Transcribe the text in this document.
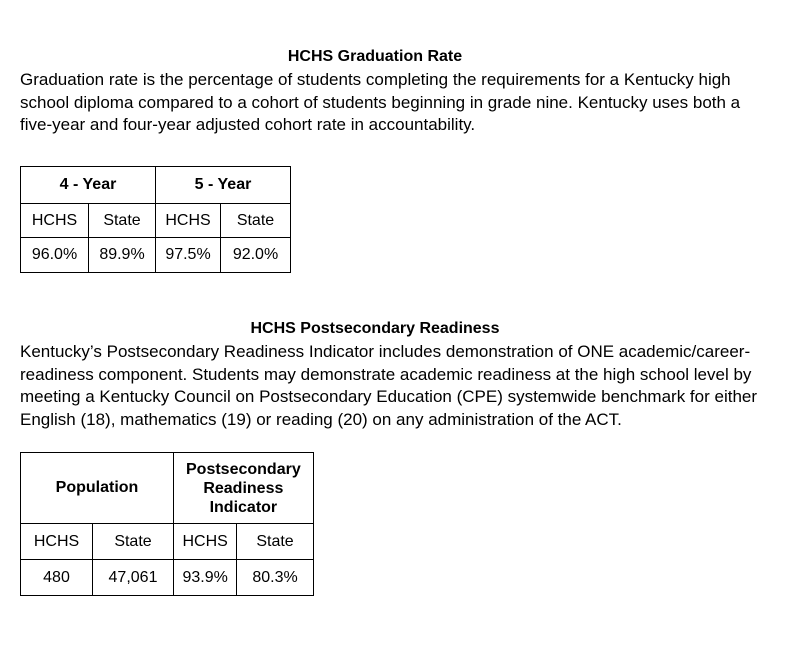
HCHS Graduation Rate

Graduation rate is the percentage of students completing the requirements for a Kentucky high school diploma compared to a cohort of students beginning in grade nine. Kentucky uses both a five-year and four-year adjusted cohort rate in accountability.

4 - Year		5 - Year	
HCHS	State	HCHS	State
96.0%	89.9%	97.5%	92.0%
HCHS Postsecondary Readiness

Kentucky’s Postsecondary Readiness Indicator includes demonstration of ONE academic/career-readiness component. Students may demonstrate academic readiness at the high school level by meeting a Kentucky Council on Postsecondary Education (CPE) systemwide benchmark for either English (18), mathematics (19) or reading (20) on any administration of the ACT.

Population		Postsecondary Readiness Indicator	
HCHS	State	HCHS	State
480	47,061	93.9%	80.3%
